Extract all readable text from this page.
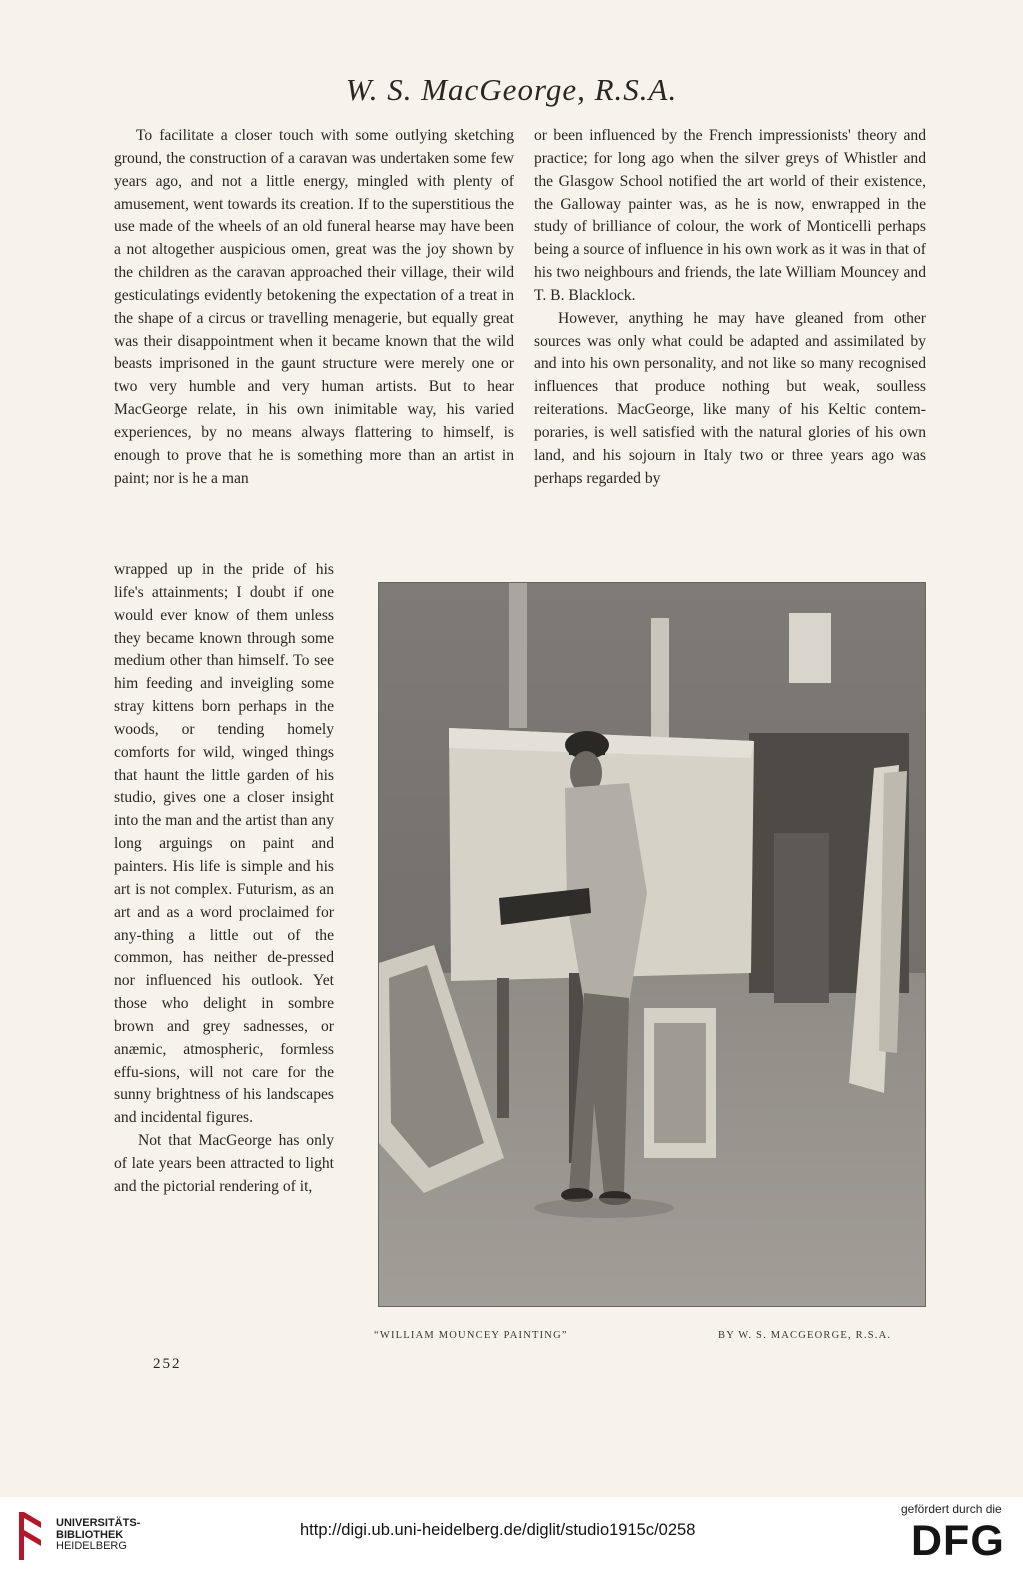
W. S. MacGeorge, R.S.A.

To facilitate a closer touch with some outlying sketching ground, the construction of a caravan was undertaken some few years ago, and not a little energy, mingled with plenty of amusement, went towards its creation. If to the superstitious the use made of the wheels of an old funeral hearse may have been a not altogether auspicious omen, great was the joy shown by the children as the caravan approached their village, their wild gesticulatings evidently betokening the expectation of a treat in the shape of a circus or travelling menagerie, but equally great was their disappointment when it became known that the wild beasts imprisoned in the gaunt structure were merely one or two very humble and very human artists. But to hear MacGeorge relate, in his own inimitable way, his varied experiences, by no means always flattering to himself, is enough to prove that he is something more than an artist in paint; nor is he a man

wrapped up in the pride of his life's attainments; I doubt if one would ever know of them unless they became known through some medium other than himself. To see him feeding and inveigling some stray kittens born perhaps in the woods, or tending homely comforts for wild, winged things that haunt the little garden of his studio, gives one a closer insight into the man and the artist than any long arguings on paint and painters. His life is simple and his art is not complex. Futurism, as an art and as a word proclaimed for any-thing a little out of the common, has neither de-pressed nor influenced his outlook. Yet those who delight in sombre brown and grey sadnesses, or anæmic, atmospheric, formless effu-sions, will not care for the sunny brightness of his landscapes and incidental figures.

Not that MacGeorge has only of late years been attracted to light and the pictorial rendering of it,

or been influenced by the French impressionists' theory and practice; for long ago when the silver greys of Whistler and the Glasgow School notified the art world of their existence, the Galloway painter was, as he is now, enwrapped in the study of brilliance of colour, the work of Monticelli perhaps being a source of influence in his own work as it was in that of his two neighbours and friends, the late William Mouncey and T. B. Blacklock.

However, anything he may have gleaned from other sources was only what could be adapted and assimilated by and into his own personality, and not like so many recognised influences that produce nothing but weak, soulless reiterations. MacGeorge, like many of his Keltic contem-poraries, is well satisfied with the natural glories of his own land, and his sojourn in Italy two or three years ago was perhaps regarded by

“WILLIAM MOUNCEY PAINTING”	BY W. S. MACGEORGE, R.S.A.
252
UNIVERSITÄTS-
BIBLIOTHEK
HEIDELBERG
http://digi.ub.uni-heidelberg.de/diglit/studio1915c/0258
gefördert durch die
DFG
